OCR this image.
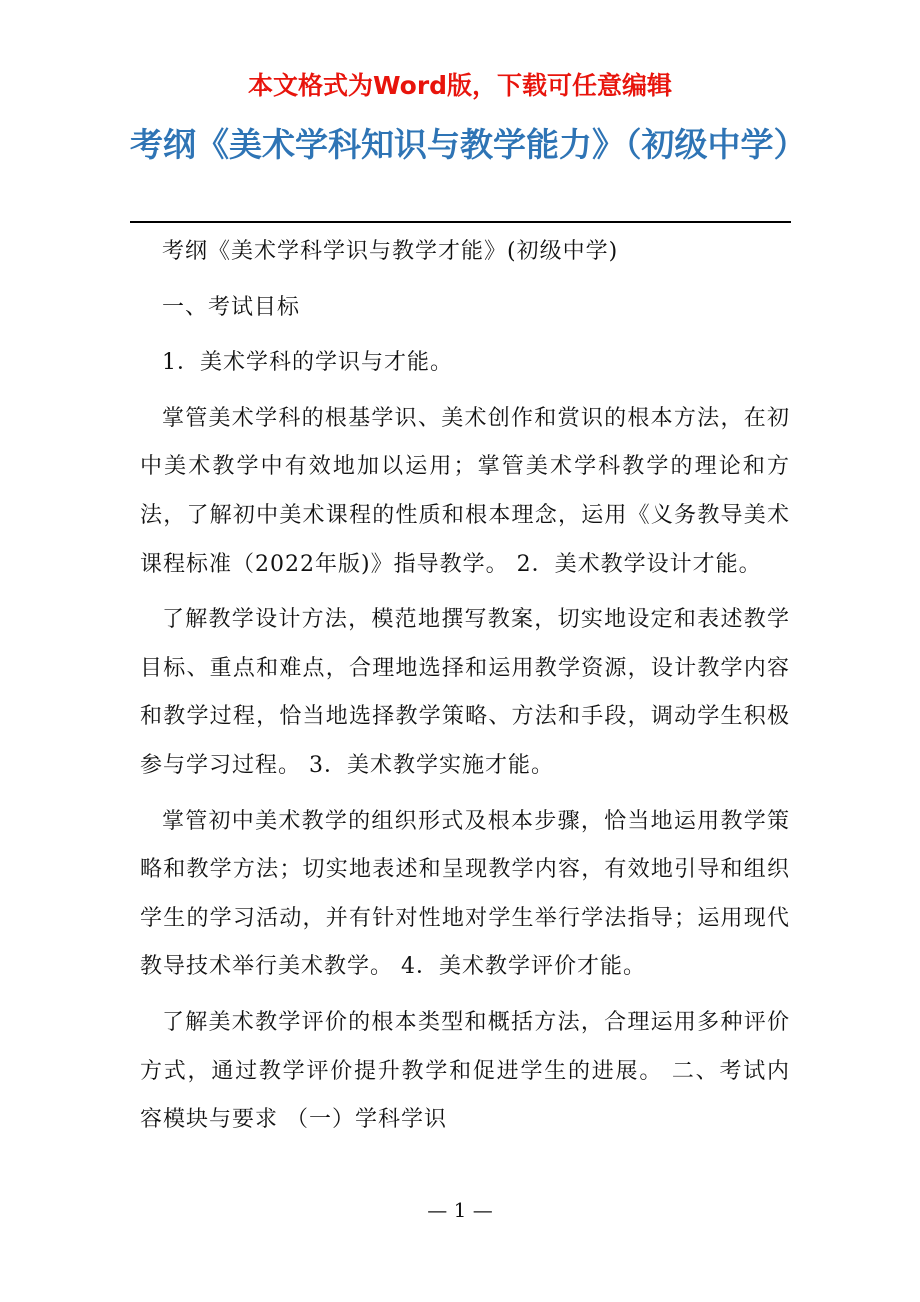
本文格式为Word版，下载可任意编辑

考纲《美术学科知识与教学能力》（初级中学）

考纲《美术学科学识与教学才能》(初级中学)

一、考试目标

1．美术学科的学识与才能。

掌管美术学科的根基学识、美术创作和赏识的根本方法，在初中美术教学中有效地加以运用；掌管美术学科教学的理论和方法，了解初中美术课程的性质和根本理念，运用《义务教导美术课程标准（2022年版)》指导教学。 2．美术教学设计才能。

了解教学设计方法，模范地撰写教案，切实地设定和表述教学目标、重点和难点，合理地选择和运用教学资源，设计教学内容和教学过程，恰当地选择教学策略、方法和手段，调动学生积极参与学习过程。 3．美术教学实施才能。

掌管初中美术教学的组织形式及根本步骤，恰当地运用教学策略和教学方法；切实地表述和呈现教学内容，有效地引导和组织学生的学习活动，并有针对性地对学生举行学法指导；运用现代教导技术举行美术教学。 4．美术教学评价才能。

了解美术教学评价的根本类型和概括方法，合理运用多种评价方式，通过教学评价提升教学和促进学生的进展。 二、考试内容模块与要求 （一）学科学识

— 1 —
